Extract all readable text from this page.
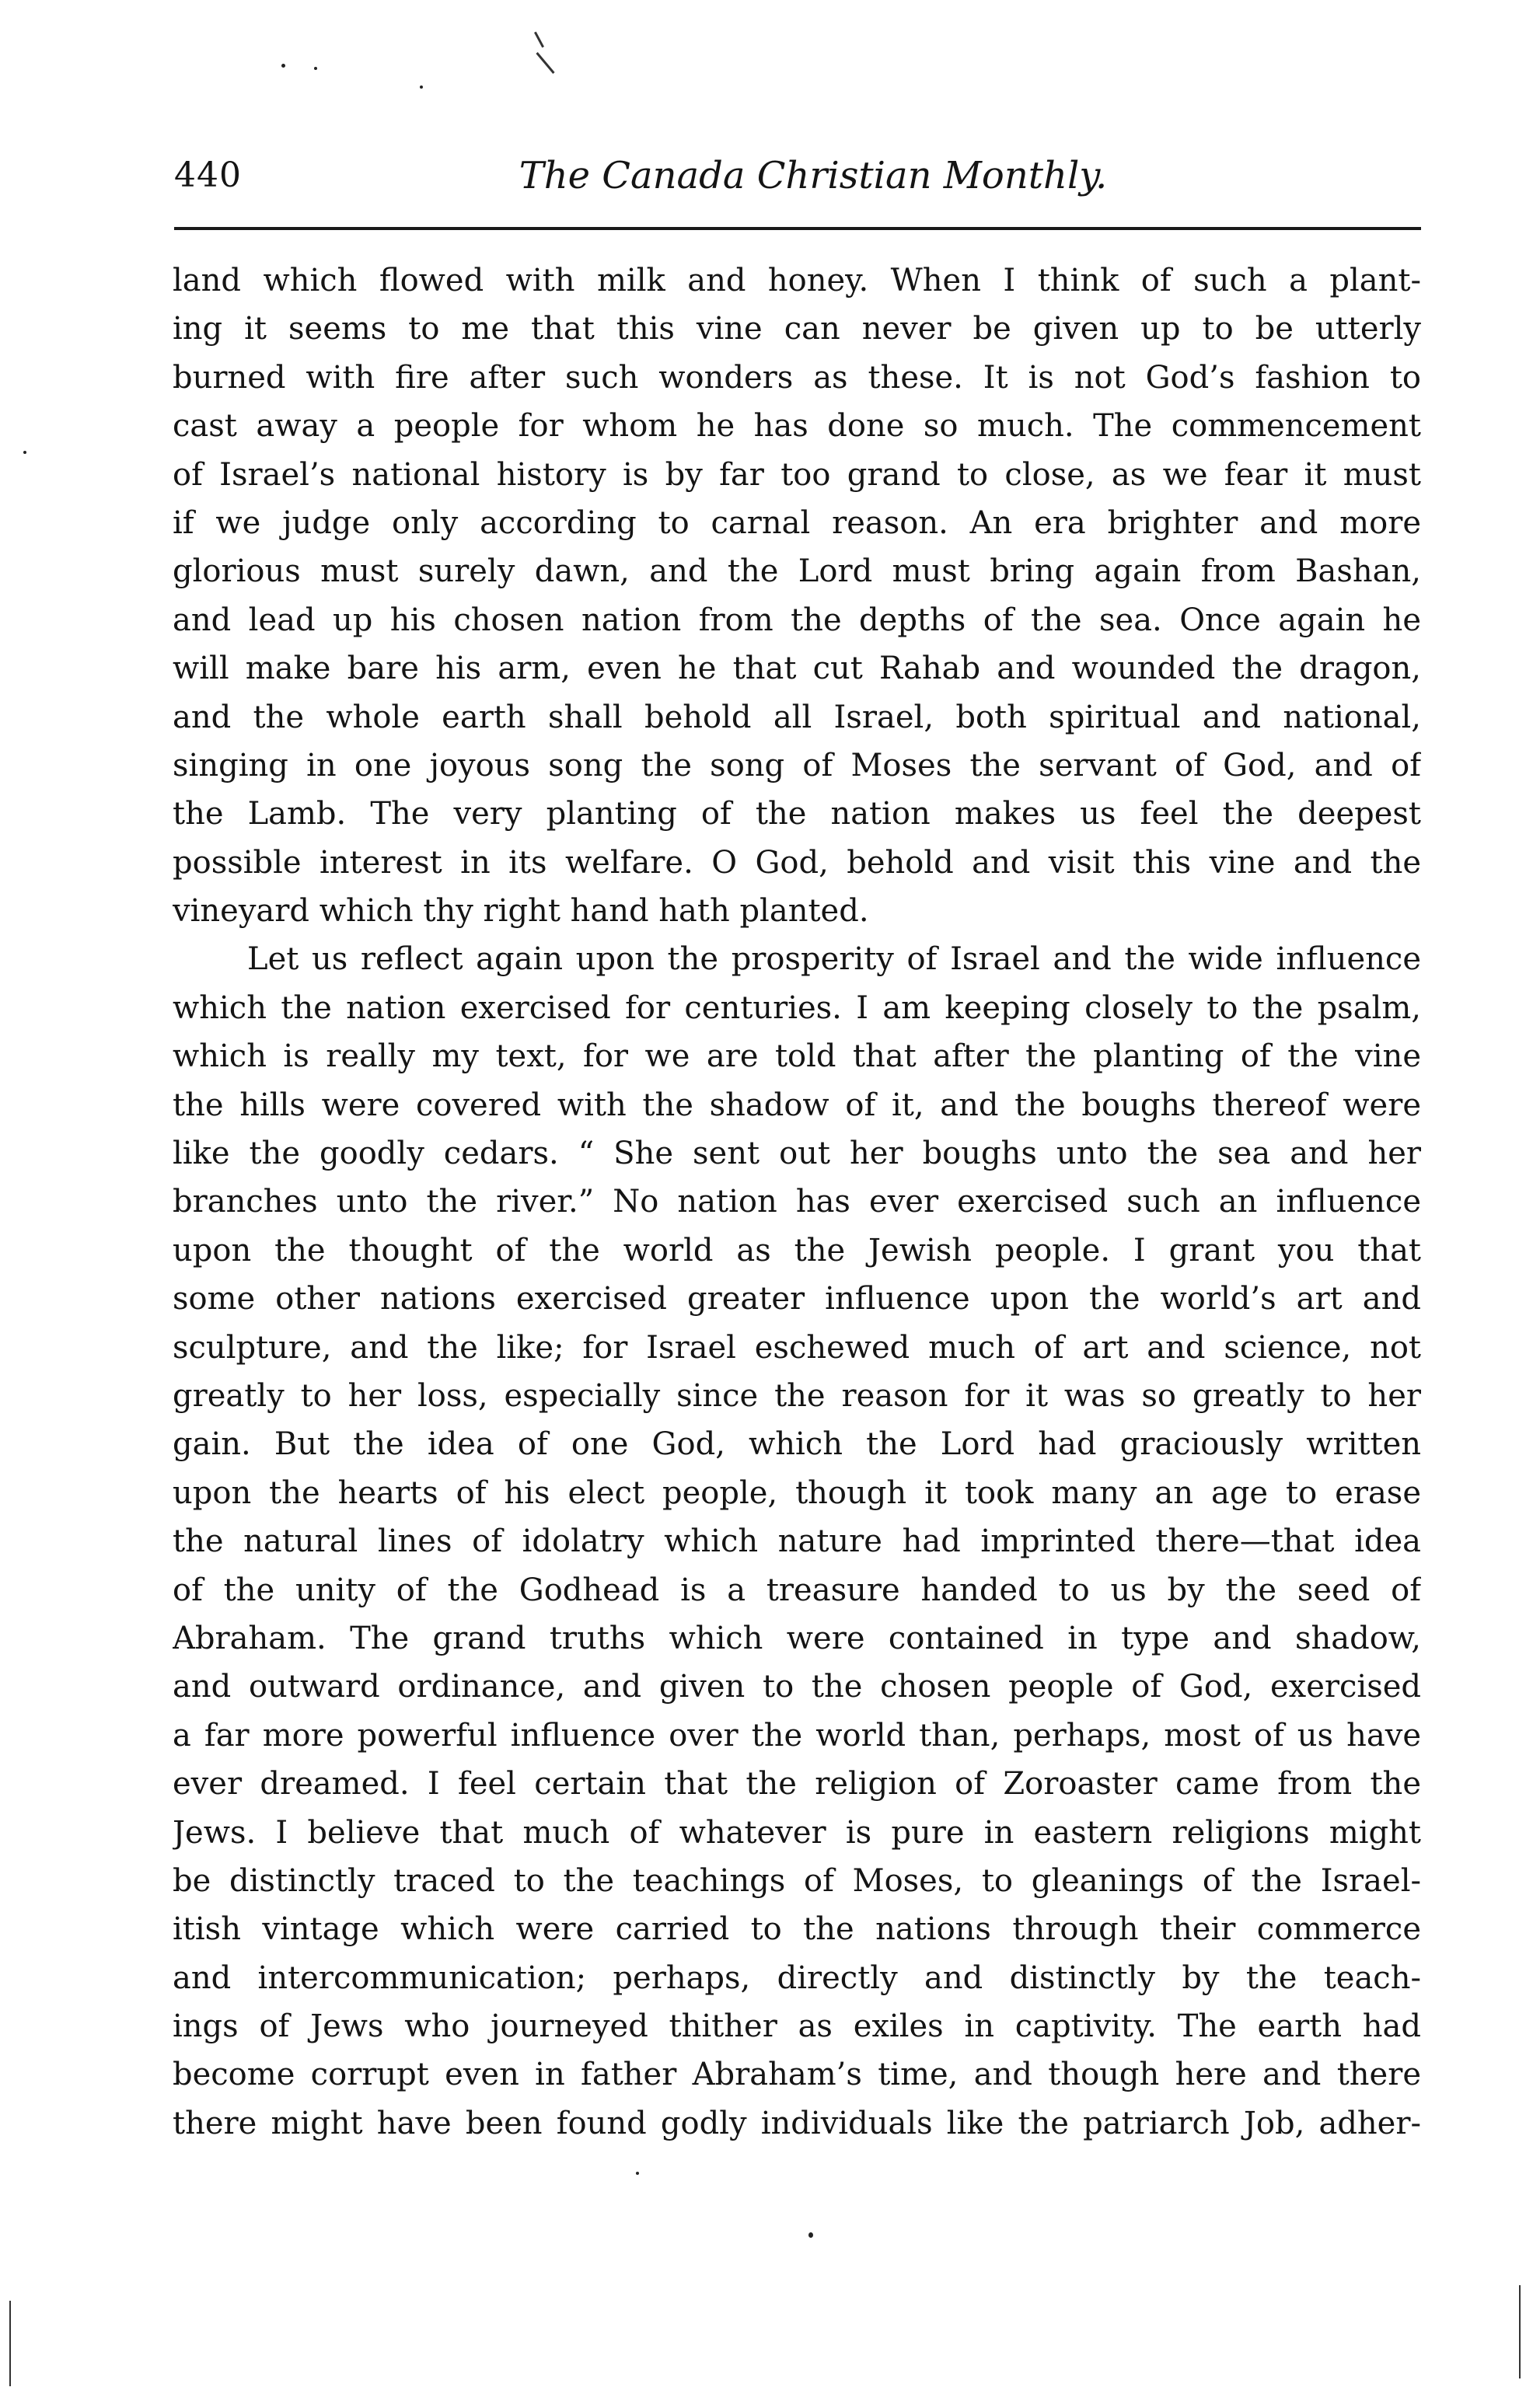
440	The Canada Christian Monthly.
land which flowed with milk and honey. When I think of such a plant-
ing it seems to me that this vine can never be given up to be utterly
burned with fire after such wonders as these. It is not God’s fashion to
cast away a people for whom he has done so much. The commencement
of Israel’s national history is by far too grand to close, as we fear it must
if we judge only according to carnal reason. An era brighter and more
glorious must surely dawn, and the Lord must bring again from Bashan,
and lead up his chosen nation from the depths of the sea. Once again he
will make bare his arm, even he that cut Rahab and wounded the dragon,
and the whole earth shall behold all Israel, both spiritual and national,
singing in one joyous song the song of Moses the servant of God, and of
the Lamb. The very planting of the nation makes us feel the deepest
possible interest in its welfare. O God, behold and visit this vine and the
vineyard which thy right hand hath planted.
Let us reflect again upon the prosperity of Israel and the wide influence
which the nation exercised for centuries. I am keeping closely to the psalm,
which is really my text, for we are told that after the planting of the vine
the hills were covered with the shadow of it, and the boughs thereof were
like the goodly cedars. “ She sent out her boughs unto the sea and her
branches unto the river.” No nation has ever exercised such an influence
upon the thought of the world as the Jewish people. I grant you that
some other nations exercised greater influence upon the world’s art and
sculpture, and the like; for Israel eschewed much of art and science, not
greatly to her loss, especially since the reason for it was so greatly to her
gain. But the idea of one God, which the Lord had graciously written
upon the hearts of his elect people, though it took many an age to erase
the natural lines of idolatry which nature had imprinted there—that idea
of the unity of the Godhead is a treasure handed to us by the seed of
Abraham. The grand truths which were contained in type and shadow,
and outward ordinance, and given to the chosen people of God, exercised
a far more powerful influence over the world than, perhaps, most of us have
ever dreamed. I feel certain that the religion of Zoroaster came from the
Jews. I believe that much of whatever is pure in eastern religions might
be distinctly traced to the teachings of Moses, to gleanings of the Israel-
itish vintage which were carried to the nations through their commerce
and intercommunication; perhaps, directly and distinctly by the teach-
ings of Jews who journeyed thither as exiles in captivity. The earth had
become corrupt even in father Abraham’s time, and though here and there
there might have been found godly individuals like the patriarch Job, adher-
